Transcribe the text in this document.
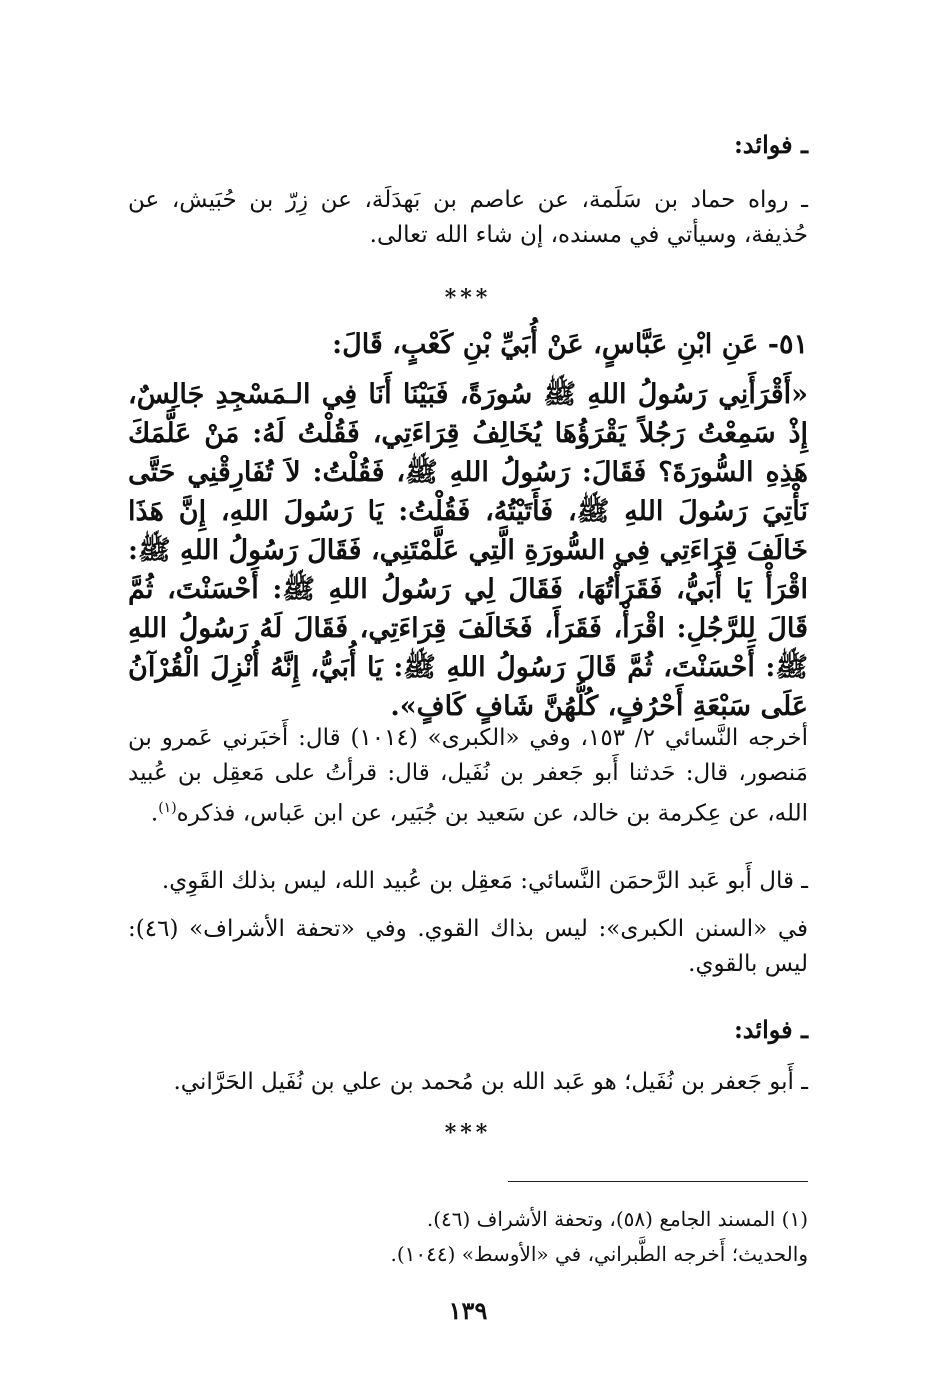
ـ فوائد:
ـ رواه حماد بن سَلَمة، عن عاصم بن بَهدَلَة، عن زِرّ بن حُبَيش، عن حُذيفة، وسيأتي في مسنده، إن شاء الله تعالى.
***
٥١- عَنِ ابْنِ عَبَّاسٍ، عَنْ أُبَيِّ بْنِ كَعْبٍ، قَالَ:
«أَقْرَأَنِي رَسُولُ اللهِ ﷺ سُورَةً، فَبَيْنَا أَنَا فِي الـمَسْجِدِ جَالِسٌ، إِذْ سَمِعْتُ رَجُلاً يَقْرَؤُهَا يُخَالِفُ قِرَاءَتِي، فَقُلْتُ لَهُ: مَنْ عَلَّمَكَ هَذِهِ السُّورَةَ؟ فَقَالَ: رَسُولُ اللهِ ﷺ، فَقُلْتُ: لاَ تُفَارِقْنِي حَتَّى نَأْتِيَ رَسُولَ اللهِ ﷺ، فَأَتَيْتُهُ، فَقُلْتُ: يَا رَسُولَ اللهِ، إِنَّ هَذَا خَالَفَ قِرَاءَتِي فِي السُّورَةِ الَّتِي عَلَّمْتَنِي، فَقَالَ رَسُولُ اللهِ ﷺ: اقْرَأْ يَا أُبَيُّ، فَقَرَأْتُهَا، فَقَالَ لِي رَسُولُ اللهِ ﷺ: أَحْسَنْتَ، ثُمَّ قَالَ لِلرَّجُلِ: اقْرَأْ، فَقَرَأَ، فَخَالَفَ قِرَاءَتِي، فَقَالَ لَهُ رَسُولُ اللهِ ﷺ: أَحْسَنْتَ، ثُمَّ قَالَ رَسُولُ اللهِ ﷺ: يَا أُبَيُّ، إِنَّهُ أُنْزِلَ الْقُرْآنُ عَلَى سَبْعَةِ أَحْرُفٍ، كُلُّهُنَّ شَافٍ كَافٍ».
أخرجه النَّسائي ٢/ ١٥٣، وفي «الكبرى» (١٠١٤) قال: أَخبَرني عَمرو بن مَنصور، قال: حَدثنا أَبو جَعفر بن نُفَيل، قال: قرأتُ على مَعقِل بن عُبيد الله، عن عِكرمة بن خالد، عن سَعيد بن جُبَير، عن ابن عَباس، فذكره$^{(١)}$.
ـ قال أَبو عَبد الرَّحمَن النَّسائي: مَعقِل بن عُبيد الله، ليس بذلك القَوِي.
في «السنن الكبرى»: ليس بذاك القوي. وفي «تحفة الأشراف» (٤٦): ليس بالقوي.
ـ فوائد:
ـ أَبو جَعفر بن نُفَيل؛ هو عَبد الله بن مُحمد بن علي بن نُفَيل الحَرَّاني.
***
(١) المسند الجامع (٥٨)، وتحفة الأشراف (٤٦).
والحديث؛ أَخرجه الطَّبراني، في «الأوسط» (١٠٤٤).
١٣٩
